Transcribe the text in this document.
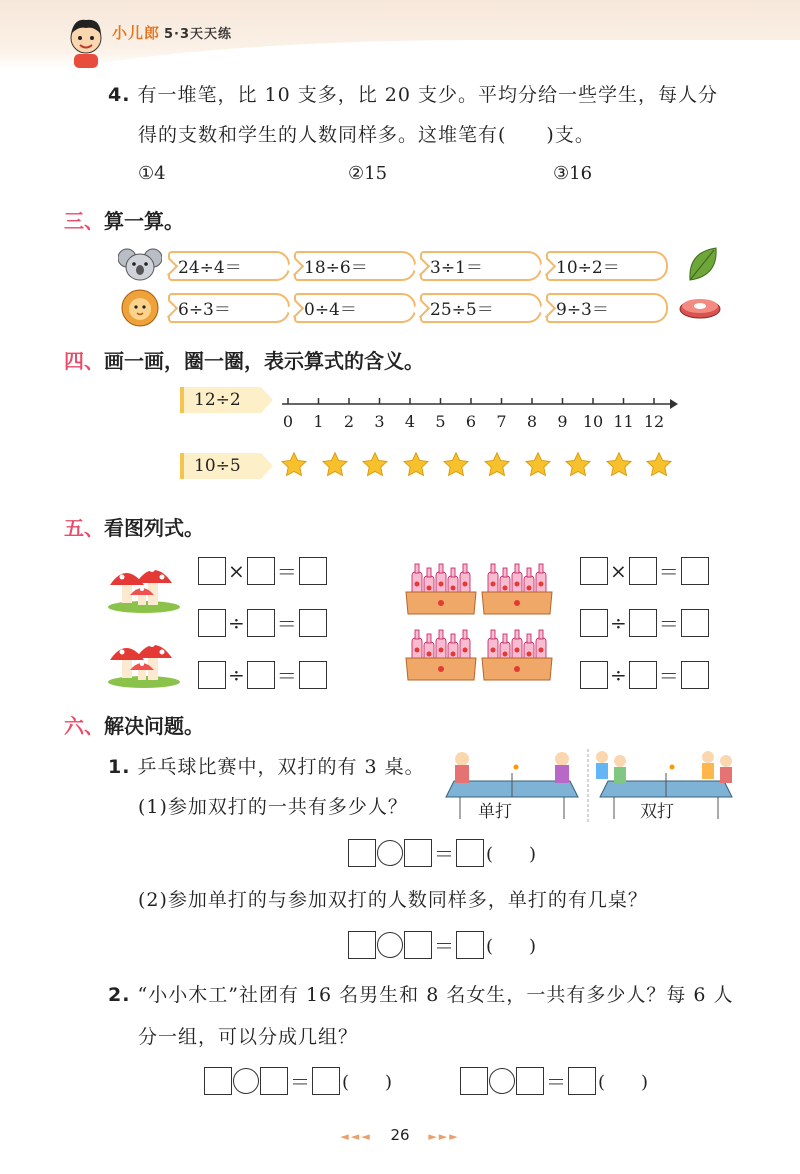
小儿郎 5·3天天练
4. 有一堆笔，比 10 支多，比 20 支少。平均分给一些学生，每人分
得的支数和学生的人数同样多。这堆笔有(　　)支。
①4	②15	③16
三、算一算。
24÷4＝	18÷6＝	3÷1＝	10÷2＝
6÷3＝	0÷4＝	25÷5＝	9÷3＝
四、画一画，圈一圈，表示算式的含义。
12÷2
0	1	2	3	4	5	6	7	8	9 10 11 12
10÷5
五、看图列式。
× ＝
÷ ＝
÷ ＝
× ＝
÷ ＝
÷ ＝
六、解决问题。
1. 乒乓球比赛中，双打的有 3 桌。
(1)参加双打的一共有多少人？	单打	双打
＝ (　　)
(2)参加单打的与参加双打的人数同样多，单打的有几桌？
＝ (　　)
2. “小小木工”社团有 16 名男生和 8 名女生，一共有多少人？每 6 人
分一组，可以分成几组？
＝ (　　)	＝ (　　)
◄◄◄ 26 ►►►
